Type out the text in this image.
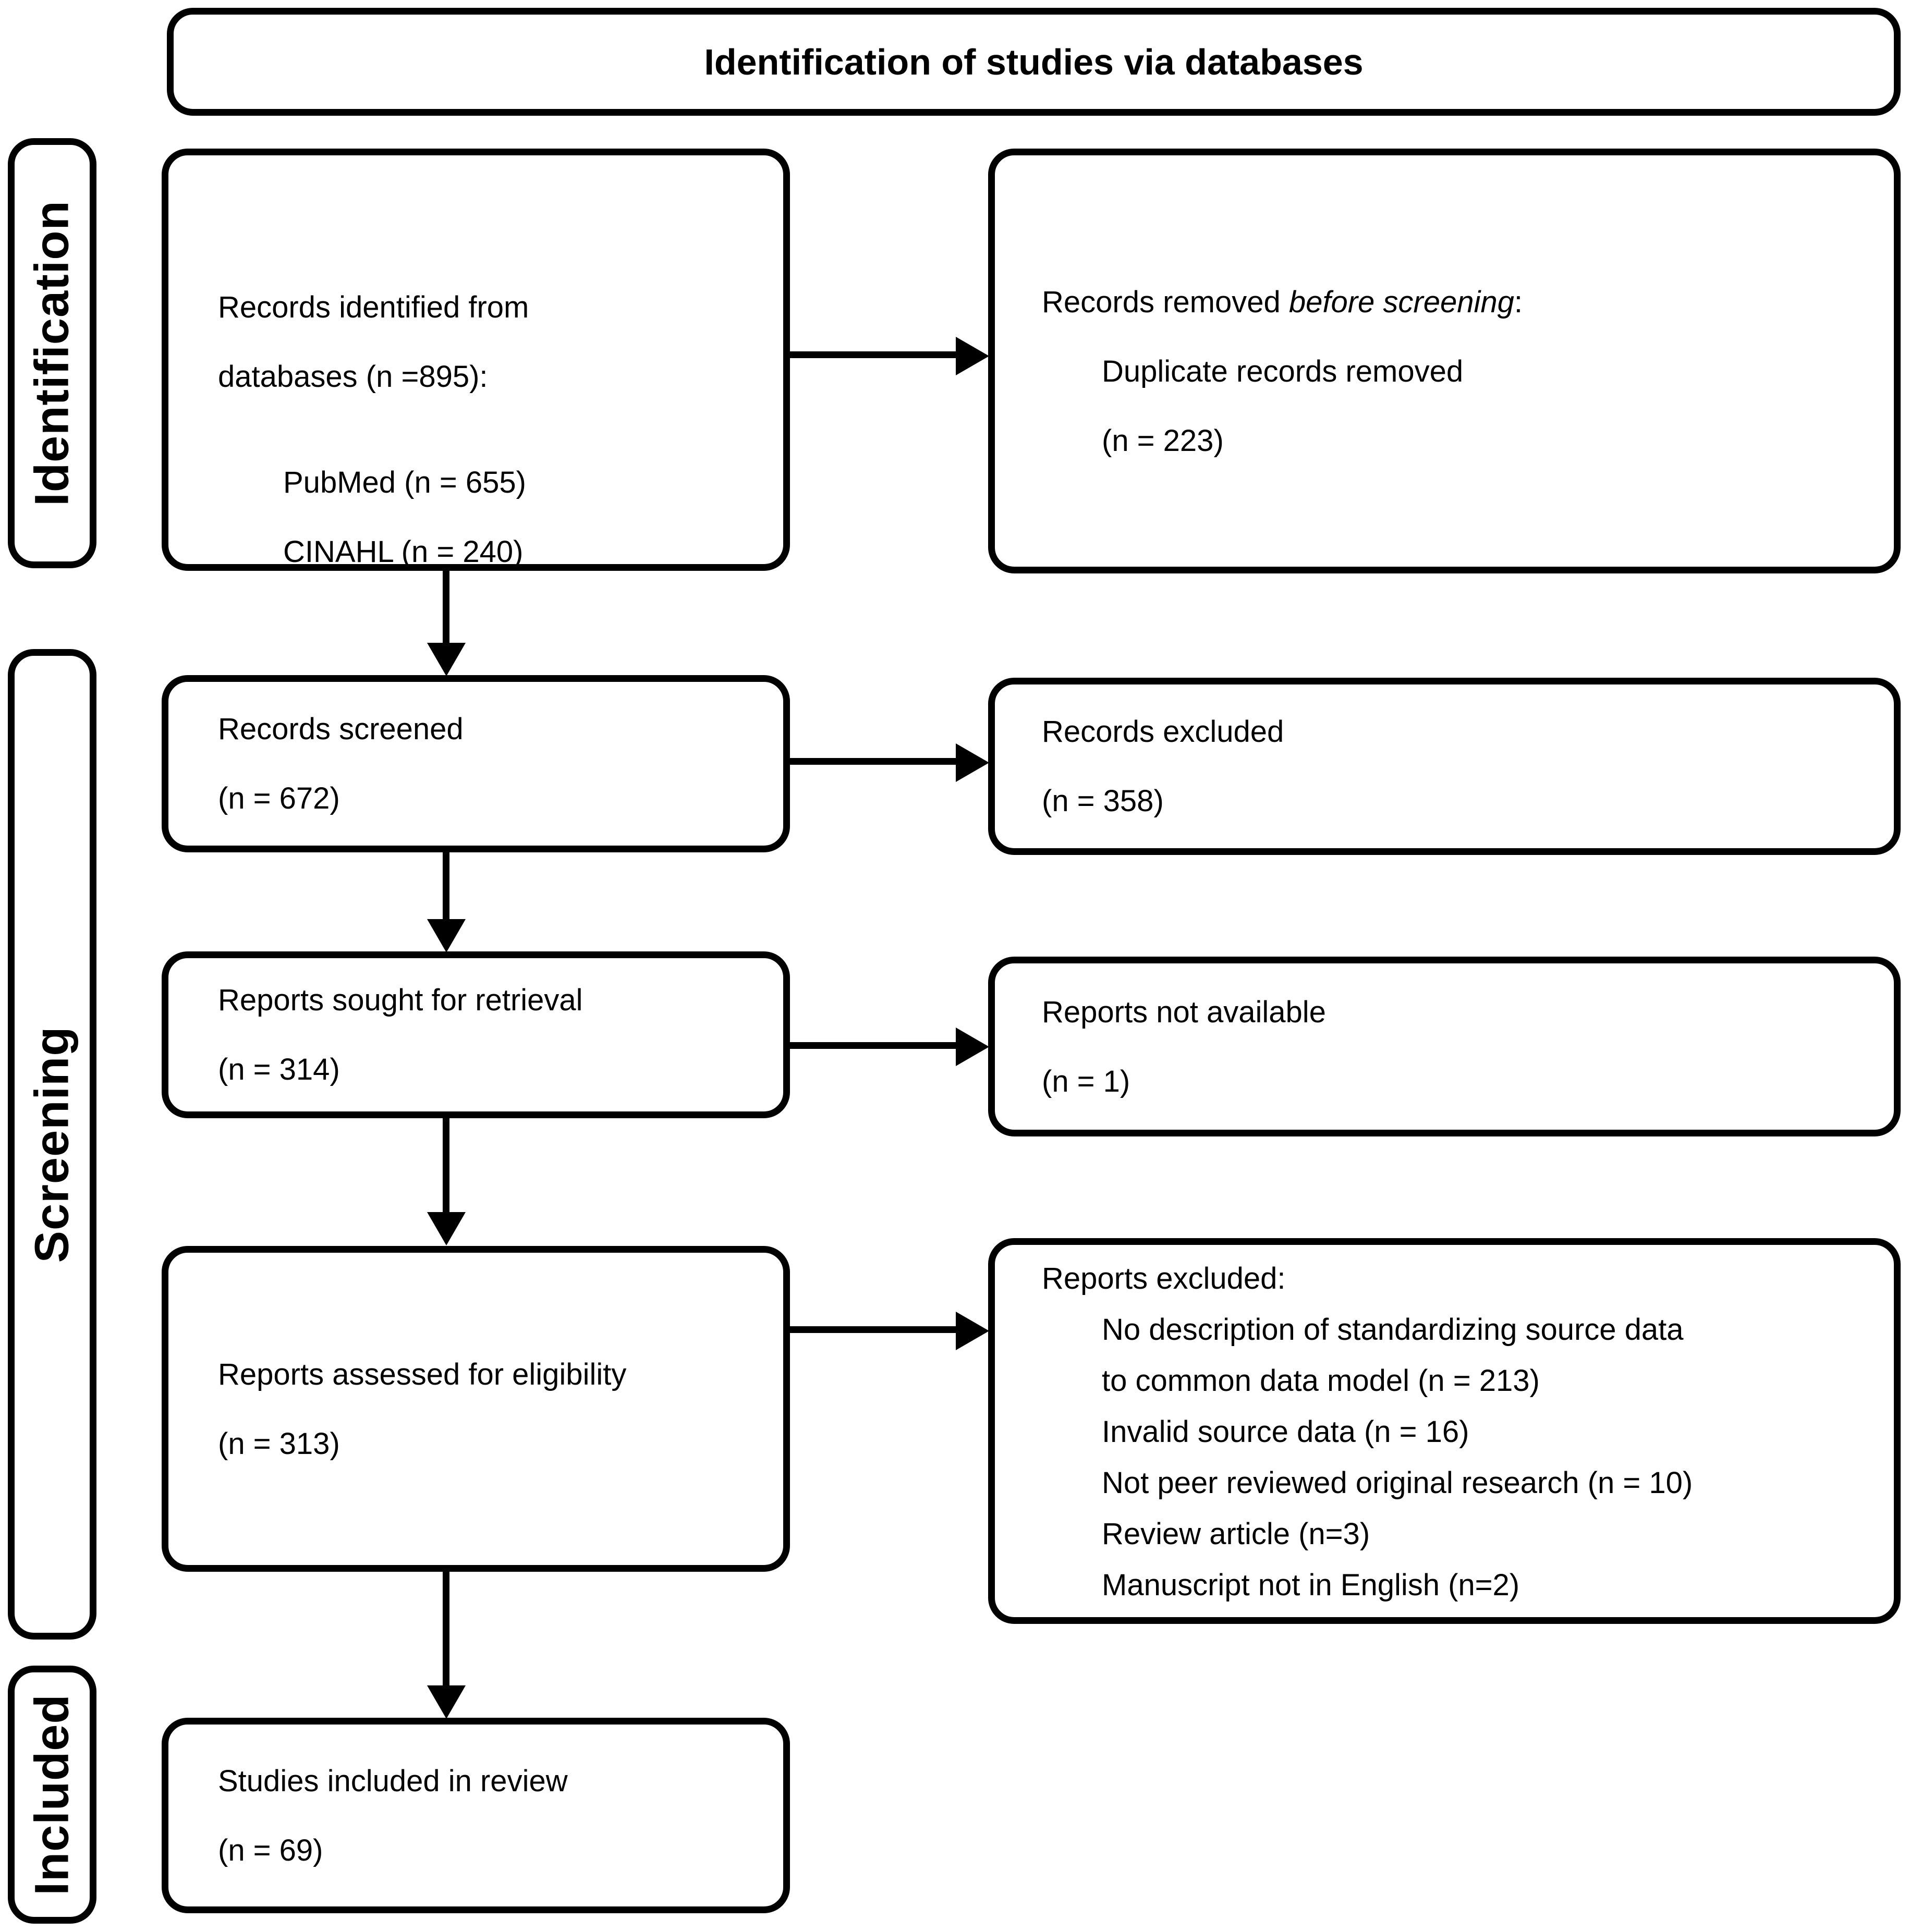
Identification of studies via databases
Identification
Screening
Included
Records identified from
databases (n =895):
PubMed (n = 655)
CINAHL (n = 240)
Records removed before screening:
Duplicate records removed
(n = 223)
Records screened
(n = 672)
Records excluded
(n = 358)
Reports sought for retrieval
(n = 314)
Reports not available
(n = 1)
Reports assessed for eligibility
(n = 313)
Reports excluded:
No description of standardizing source data
to common data model (n = 213)
Invalid source data (n = 16)
Not peer reviewed original research (n = 10)
Review article (n=3)
Manuscript not in English (n=2)
Studies included in review
(n = 69)
